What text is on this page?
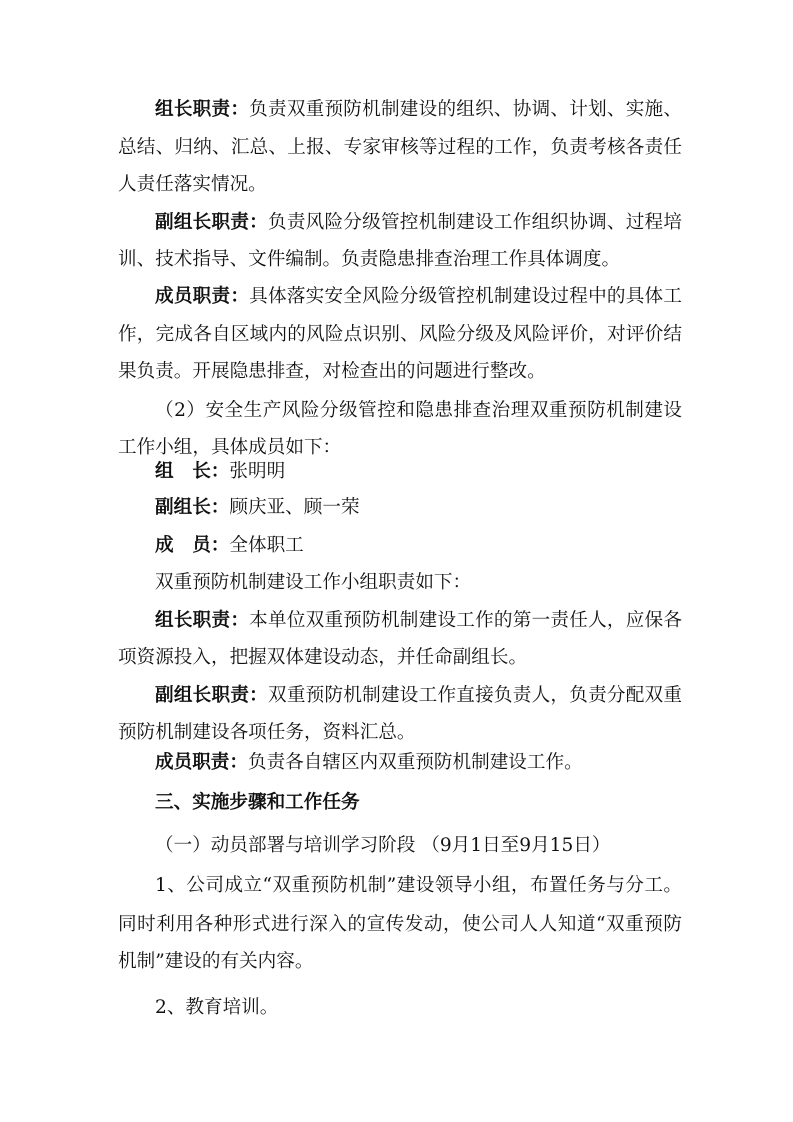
组长职责：负责双重预防机制建设的组织、协调、计划、实施、
总结、归纳、汇总、上报、专家审核等过程的工作，负责考核各责任
人责任落实情况。
副组长职责：负责风险分级管控机制建设工作组织协调、过程培
训、技术指导、文件编制。负责隐患排查治理工作具体调度。
成员职责：具体落实安全风险分级管控机制建设过程中的具体工
作，完成各自区域内的风险点识别、风险分级及风险评价，对评价结
果负责。开展隐患排查，对检查出的问题进行整改。
（2）安全生产风险分级管控和隐患排查治理双重预防机制建设
工作小组，具体成员如下：
组　长：张明明
副组长：顾庆亚、顾一荣
成　员：全体职工
双重预防机制建设工作小组职责如下：
组长职责：本单位双重预防机制建设工作的第一责任人，应保各
项资源投入，把握双体建设动态，并任命副组长。
副组长职责：双重预防机制建设工作直接负责人，负责分配双重
预防机制建设各项任务，资料汇总。
成员职责：负责各自辖区内双重预防机制建设工作。
三、实施步骤和工作任务
（一）动员部署与培训学习阶段 （9月1日至9月15日）
1、公司成立“双重预防机制”建设领导小组，布置任务与分工。
同时利用各种形式进行深入的宣传发动，使公司人人知道“双重预防
机制”建设的有关内容。
2、教育培训。
